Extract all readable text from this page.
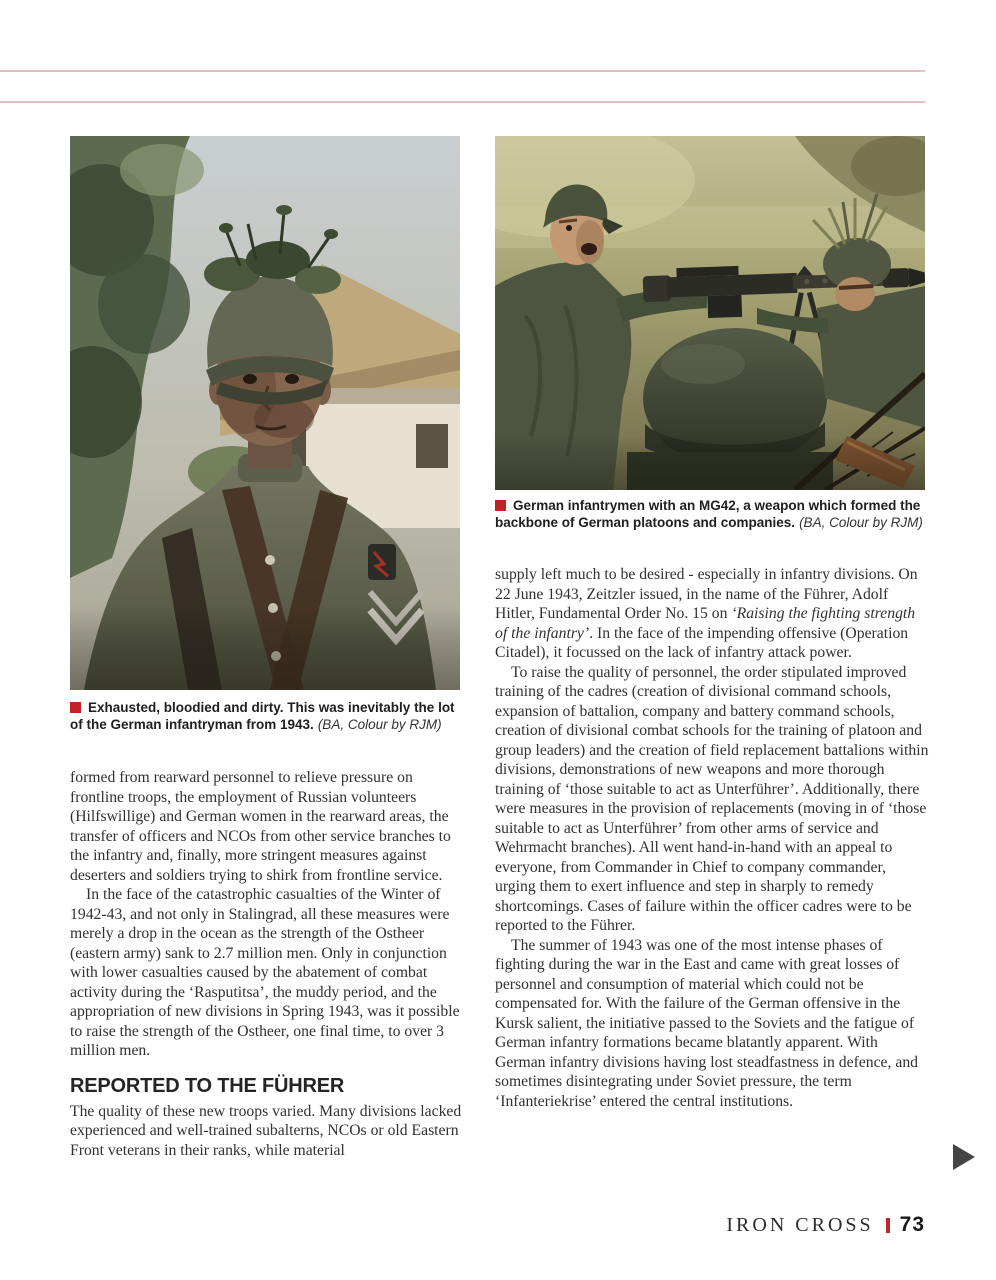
German infantrymen with an MG42, a weapon which formed the backbone of German platoons and companies. (BA, Colour by RJM)
Exhausted, bloodied and dirty. This was inevitably the lot of the German infantryman from 1943. (BA, Colour by RJM)

formed from rearward personnel to relieve pressure on frontline troops, the employment of Russian volunteers (Hilfswillige) and German women in the rearward areas, the transfer of officers and NCOs from other service branches to the infantry and, finally, more stringent measures against deserters and soldiers trying to shirk from frontline service.

In the face of the catastrophic casualties of the Winter of 1942-43, and not only in Stalingrad, all these measures were merely a drop in the ocean as the strength of the Ostheer (eastern army) sank to 2.7 million men. Only in conjunction with lower casualties caused by the abatement of combat activity during the ‘Rasputitsa’, the muddy period, and the appropriation of new divisions in Spring 1943, was it possible to raise the strength of the Ostheer, one final time, to over 3 million men.

REPORTED TO THE FÜHRER

The quality of these new troops varied. Many divisions lacked experienced and well-trained subalterns, NCOs or old Eastern Front veterans in their ranks, while material

supply left much to be desired - especially in infantry divisions. On 22 June 1943, Zeitzler issued, in the name of the Führer, Adolf Hitler, Fundamental Order No. 15 on ‘Raising the fighting strength of the infantry’. In the face of the impending offensive (Operation Citadel), it focussed on the lack of infantry attack power.

To raise the quality of personnel, the order stipulated improved training of the cadres (creation of divisional command schools, expansion of battalion, company and battery command schools, creation of divisional combat schools for the training of platoon and group leaders) and the creation of field replacement battalions within divisions, demonstrations of new weapons and more thorough training of ‘those suitable to act as Unterführer’. Additionally, there were measures in the provision of replacements (moving in of ‘those suitable to act as Unterführer’ from other arms of service and Wehrmacht branches). All went hand-in-hand with an appeal to everyone, from Commander in Chief to company commander, urging them to exert influence and step in sharply to remedy shortcomings. Cases of failure within the officer cadres were to be reported to the Führer.

The summer of 1943 was one of the most intense phases of fighting during the war in the East and came with great losses of personnel and consumption of material which could not be compensated for. With the failure of the German offensive in the Kursk salient, the initiative passed to the Soviets and the fatigue of German infantry formations became blatantly apparent. With German infantry divisions having lost steadfastness in defence, and sometimes disintegrating under Soviet pressure, the term ‘Infanteriekrise’ entered the central institutions.

IRON CROSS 73
